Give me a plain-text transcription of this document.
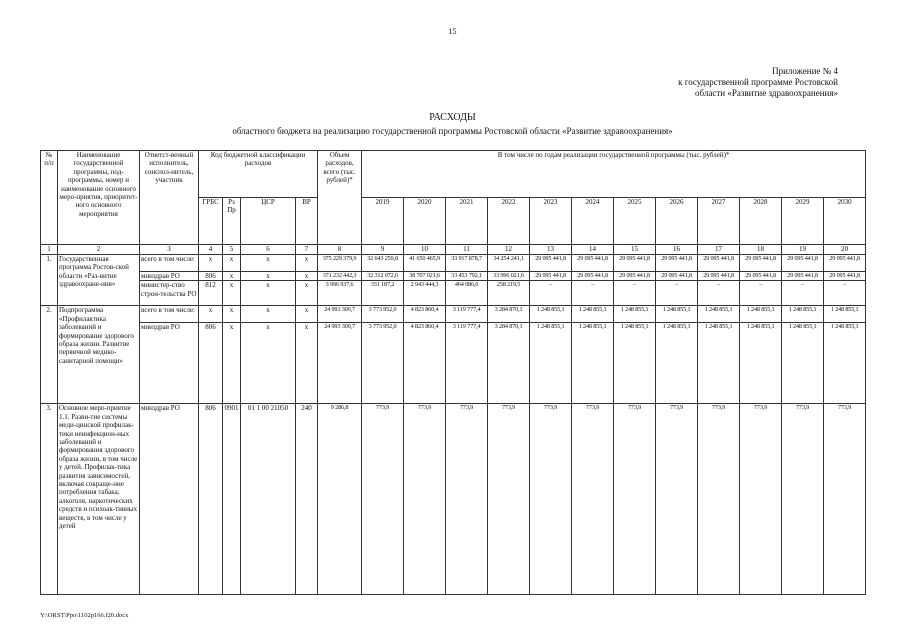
15
Приложение № 4
к государственной программе Ростовской
области «Развитие здравоохранения»
РАСХОДЫ
областного бюджета на реализацию государственной программы Ростовской области «Развитие здравоохранения»
№ п/п	Наименование государственной программы, под-программы, номер и наименование основного меро-приятия, приоритет-ного основного мероприятия	Ответст-венный исполнитель, соиспол-нитель, участник	Код бюджетной классификации расходов				Объем расходов, всего (тыс. рублей)*	В том числе по годам реализации государственной программы (тыс. рублей)*											
			ГРБС	Рз Пр	ЦСР	ВР		2019	2020	2021	2022	2023	2024	2025	2026	2027	2028	2029	2030
1	2	3	4	5	6	7	8	9	10	11	12	13	14	15	16	17	18	19	20
1.	Государственная программа Ростов-ской области «Раз-витие здравоохране-ния»	всего в том числе:	х	х	х	х	375 229 379,9	32 643 259,8	41 650 465,9	33 917 878,7	34 254 241,1	29 095 441,8	29 095 441,8	29 095 441,8	29 095 441,8	29 095 441,8	29 095 441,8	29 095 441,8	29 095 441,8
		минздрав РО	806	х	х	х	371 232 442,3	32 312 072,6	38 707 021,6	33 453 792,1	33 996 021,6	29 095 441,8	29 095 441,8	29 095 441,8	29 095 441,8	29 095 441,8	29 095 441,8	29 095 441,8	29 095 441,8
		министер-ство строи-тельства РО	812	х	х	х	3 996 937,6	331 187,2	2 943 444,3	464 086,6	258 219,5	–	–	–	–	–	–	–	–
2.	Подпрограмма «Профилактика заболеваний и формирование здорового образа жизни. Развитие первичной медико-санитарной помощи»	всего в том числе:	х	х	х	х	24 993 300,7	3 773 952,0	4 823 860,4	3 119 777,4	3 284 870,1	1 248 855,1	1 248 855,1	1 248 855,1	1 248 855,1	1 248 855,1	1 248 855,1	1 248 855,1	1 248 855,1
		минздрав РО	806	х	х	х	24 993 300,7	3 773 952,0	4 823 860,4	3 119 777,4	3 284 870,1	1 248 855,1	1 248 855,1	1 248 855,1	1 248 855,1	1 248 855,1	1 248 855,1	1 248 855,1	1 248 855,1
3.	Основное меро-приятие 1.1. Разви-тие системы меди-цинской профилак-тики неинфекцион-ных заболеваний и формирования здорового образа жизни, в том числе у детей. Профилак-тика развития зависимостей, включая сокраще-ние потребления табака, алкоголя, наркотических средств и психоак-тивных веществ, в том числе у детей	минздрав РО	806	0901	01 1 00 21050	240	9 286,8	773,9	773,9	773,9	773,9	773,9	773,9	773,9	773,9	773,9	773,9	773,9	773,9
Y:\ORST\Ppo\1102p166.f20.docx
